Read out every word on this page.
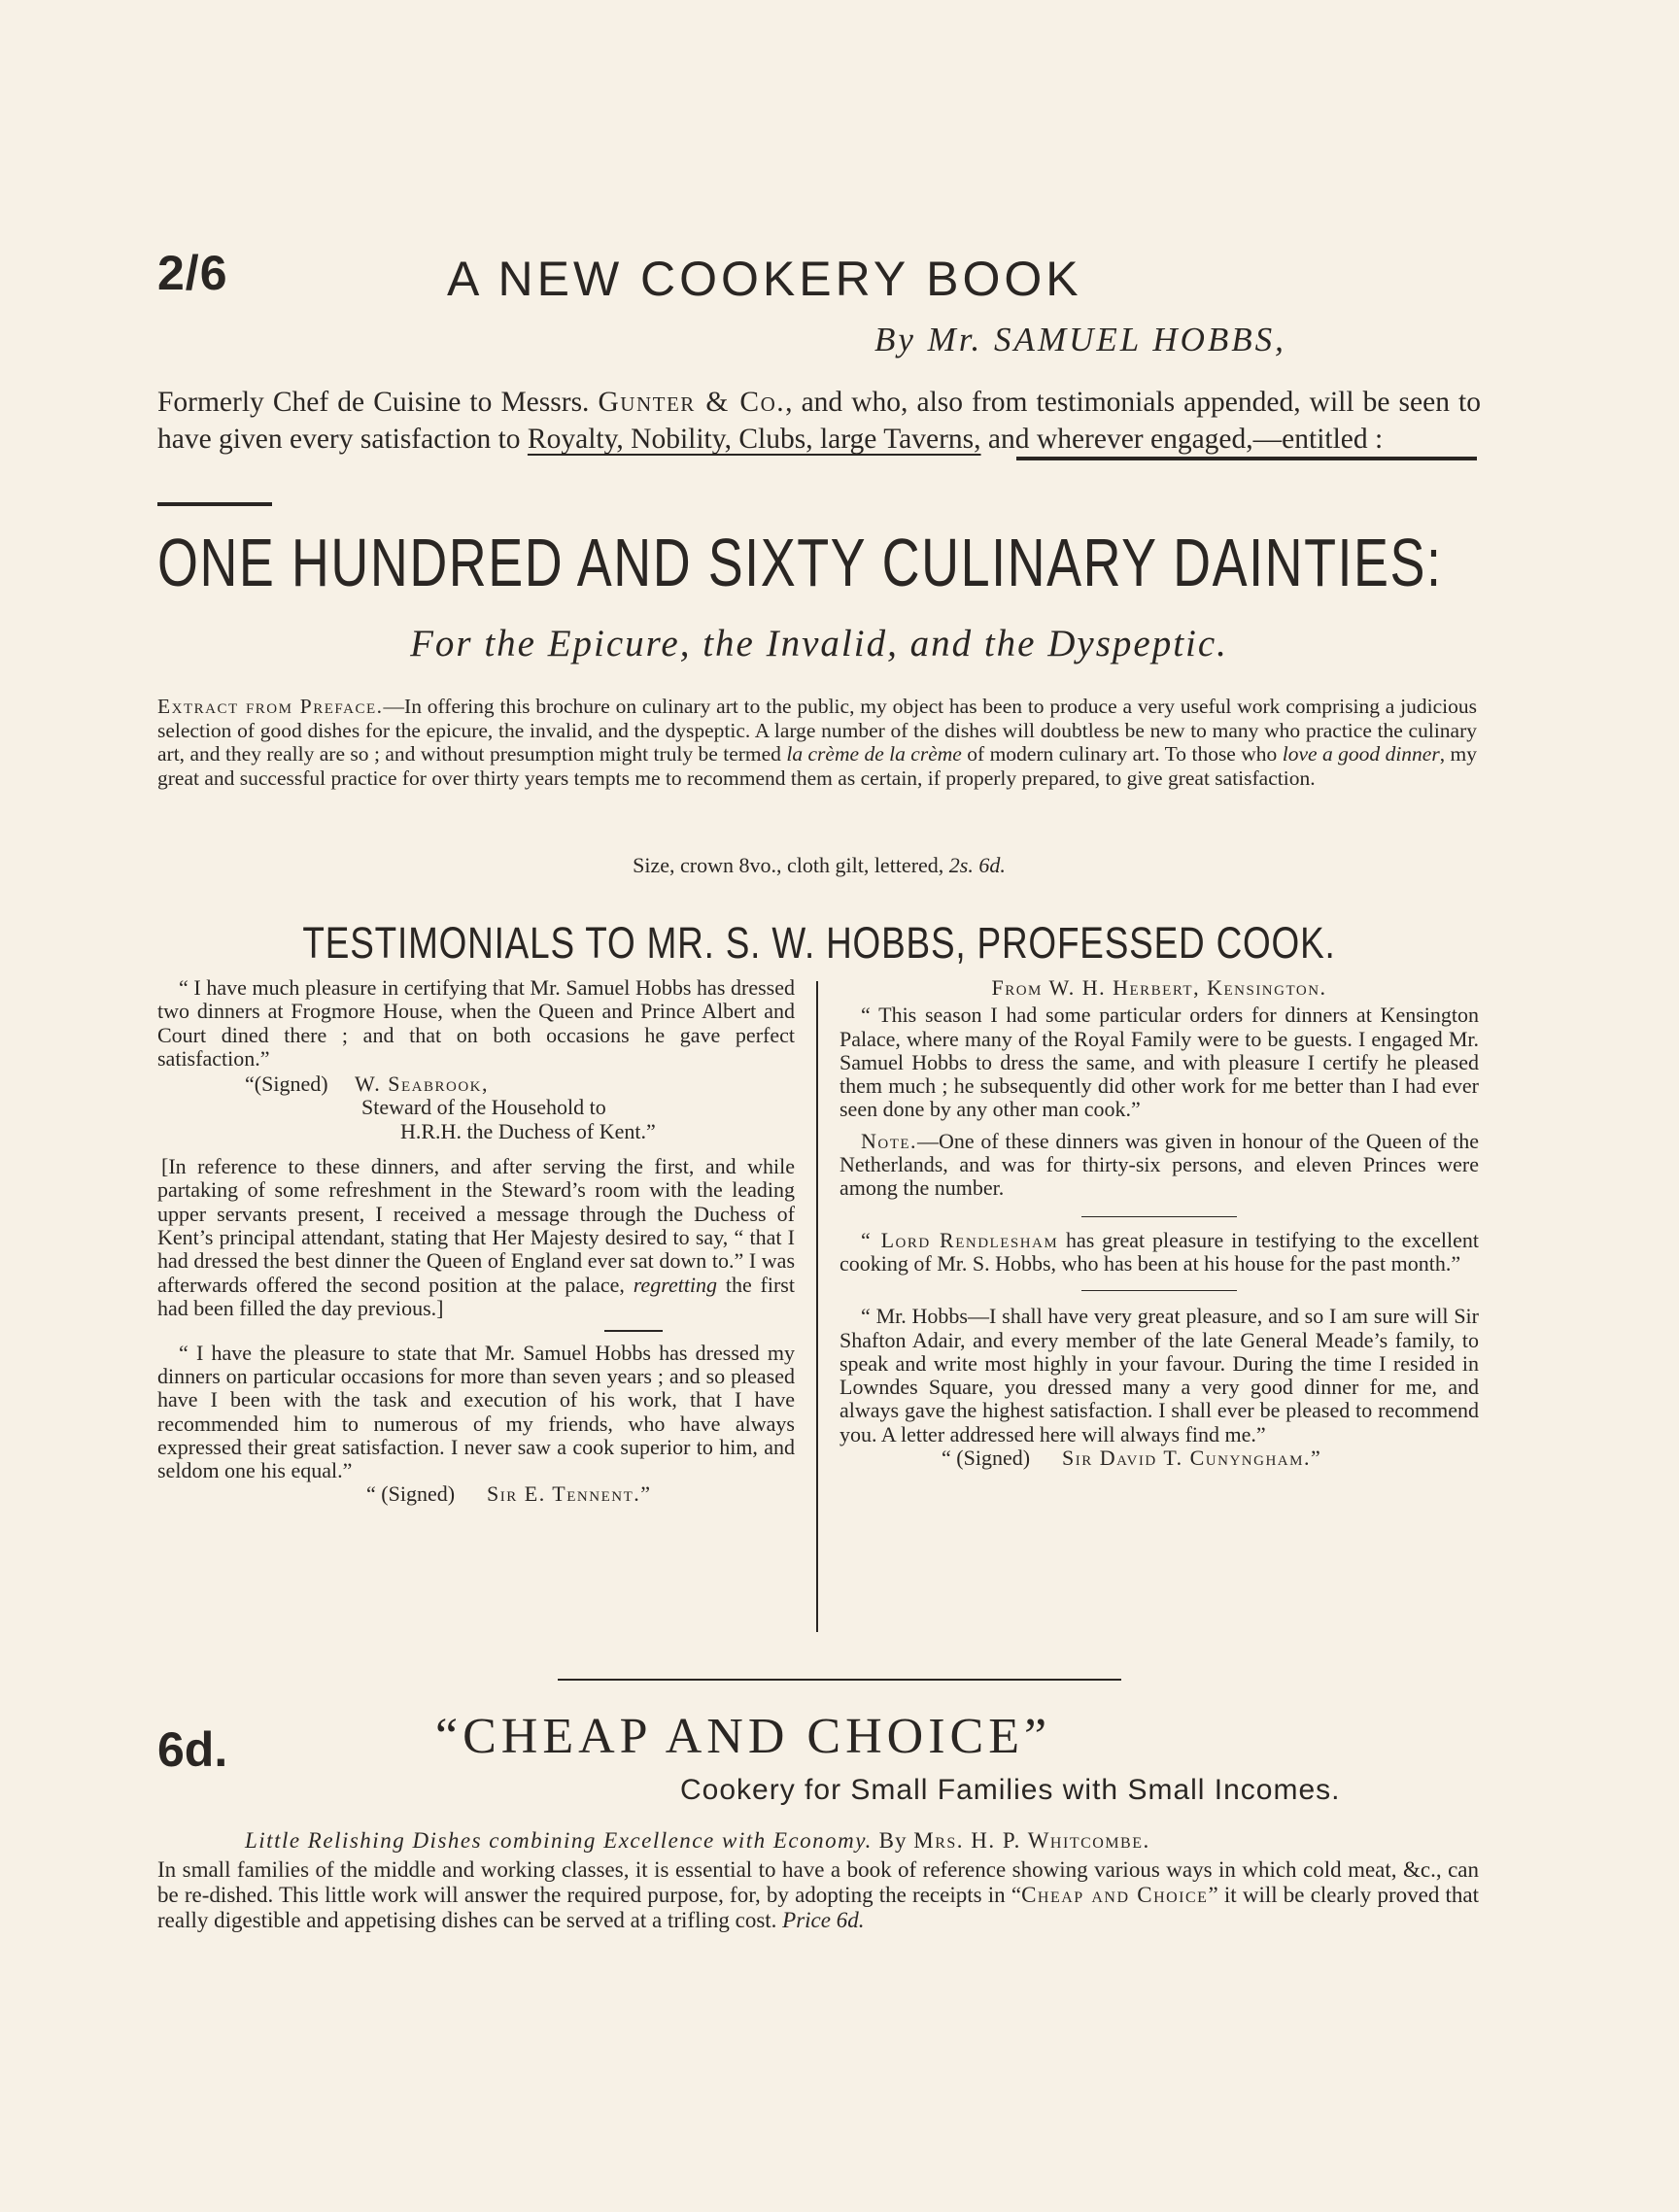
2/6	A NEW COOKERY BOOK
By Mr. SAMUEL HOBBS,
Formerly Chef de Cuisine to Messrs. Gunter & Co., and who, also from testimonials appended, will be seen to have given every satisfaction to Royalty, Nobility, Clubs, large Taverns, and wherever engaged,—entitled :
ONE HUNDRED AND SIXTY CULINARY DAINTIES:
For the Epicure, the Invalid, and the Dyspeptic.
Extract from Preface.—In offering this brochure on culinary art to the public, my object has been to produce a very useful work comprising a judicious selection of good dishes for the epicure, the invalid, and the dyspeptic. A large number of the dishes will doubtless be new to many who practice the culinary art, and they really are so ; and without presumption might truly be termed la crème de la crème of modern culinary art. To those who love a good dinner, my great and successful practice for over thirty years tempts me to recommend them as certain, if properly prepared, to give great satisfaction.
Size, crown 8vo., cloth gilt, lettered, 2s. 6d.
TESTIMONIALS TO MR. S. W. HOBBS, PROFESSED COOK.

“ I have much pleasure in certifying that Mr. Samuel Hobbs has dressed two dinners at Frogmore House, when the Queen and Prince Albert and Court dined there ; and that on both occasions he gave perfect satisfaction.”

“(Signed) W. Seabrook,

Steward of the Household to

H.R.H. the Duchess of Kent.”

[In reference to these dinners, and after serving the first, and while partaking of some refreshment in the Steward’s room with the leading upper servants present, I received a message through the Duchess of Kent’s principal attendant, stating that Her Majesty desired to say, “ that I had dressed the best dinner the Queen of England ever sat down to.” I was afterwards offered the second position at the palace, regretting the first had been filled the day previous.]

“ I have the pleasure to state that Mr. Samuel Hobbs has dressed my dinners on particular occasions for more than seven years ; and so pleased have I been with the task and execution of his work, that I have recommended him to numerous of my friends, who have always expressed their great satisfaction. I never saw a cook superior to him, and seldom one his equal.”

“ (Signed) Sir E. Tennent.”

From W. H. Herbert, Kensington.

“ This season I had some particular orders for dinners at Kensington Palace, where many of the Royal Family were to be guests. I engaged Mr. Samuel Hobbs to dress the same, and with pleasure I certify he pleased them much ; he subsequently did other work for me better than I had ever seen done by any other man cook.”

Note.—One of these dinners was given in honour of the Queen of the Netherlands, and was for thirty-six persons, and eleven Princes were among the number.

“ Lord Rendlesham has great pleasure in testifying to the excellent cooking of Mr. S. Hobbs, who has been at his house for the past month.”

“ Mr. Hobbs—I shall have very great pleasure, and so I am sure will Sir Shafton Adair, and every member of the late General Meade’s family, to speak and write most highly in your favour. During the time I resided in Lowndes Square, you dressed many a very good dinner for me, and always gave the highest satisfaction. I shall ever be pleased to recommend you. A letter addressed here will always find me.”

“ (Signed) Sir David T. Cunyngham.”

6d.	“CHEAP AND CHOICE”
Cookery for Small Families with Small Incomes.
Little Relishing Dishes combining Excellence with Economy. By Mrs. H. P. Whitcombe.
In small families of the middle and working classes, it is essential to have a book of reference showing various ways in which cold meat, &c., can be re-dished. This little work will answer the required purpose, for, by adopting the receipts in “Cheap and Choice” it will be clearly proved that really digestible and appetising dishes can be served at a trifling cost. Price 6d.
